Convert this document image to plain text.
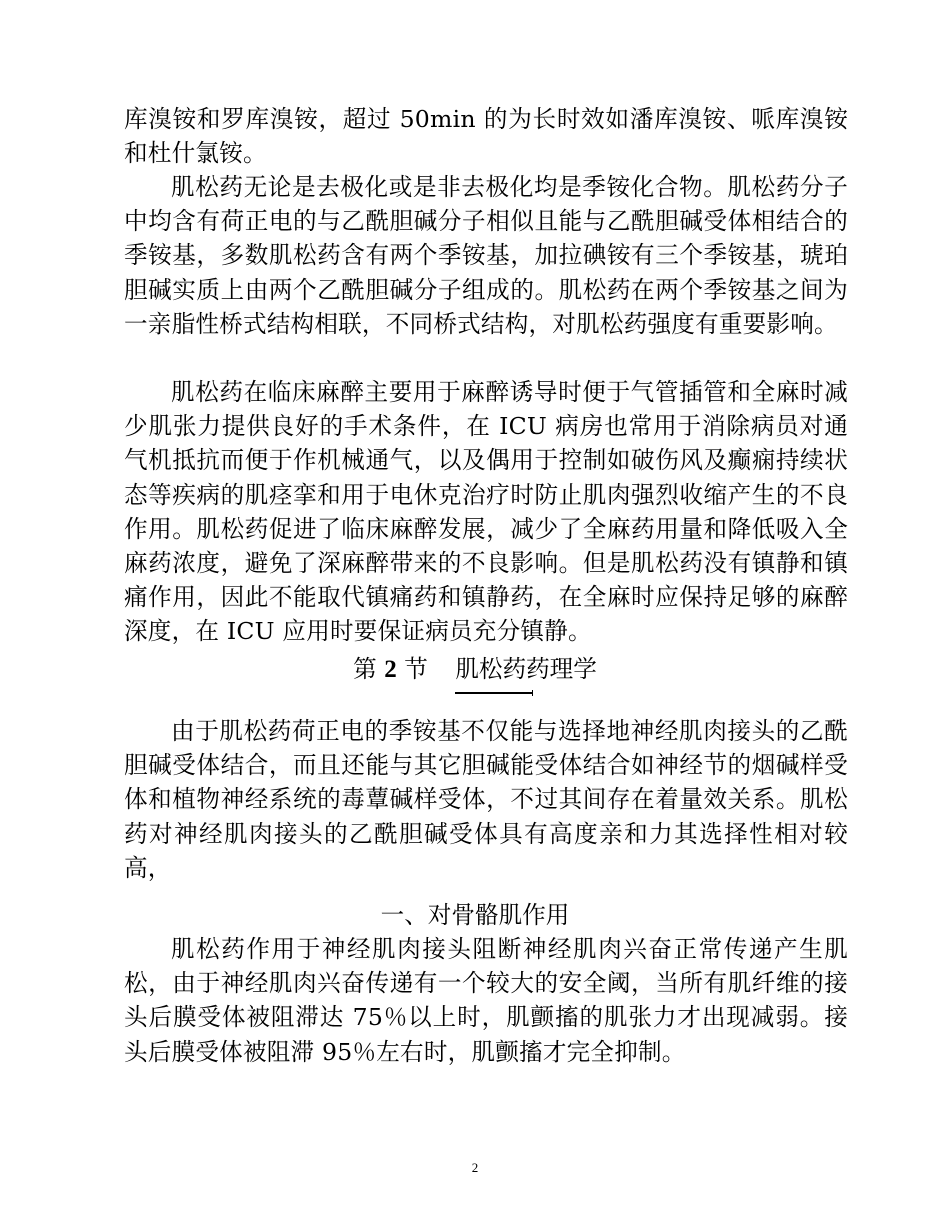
库溴铵和罗库溴铵，超过 50min 的为长时效如潘库溴铵、哌库溴铵和杜什氯铵。

肌松药无论是去极化或是非去极化均是季铵化合物。肌松药分子中均含有荷正电的与乙酰胆碱分子相似且能与乙酰胆碱受体相结合的季铵基，多数肌松药含有两个季铵基，加拉碘铵有三个季铵基，琥珀胆碱实质上由两个乙酰胆碱分子组成的。肌松药在两个季铵基之间为一亲脂性桥式结构相联，不同桥式结构，对肌松药强度有重要影响。

肌松药在临床麻醉主要用于麻醉诱导时便于气管插管和全麻时减少肌张力提供良好的手术条件，在 ICU 病房也常用于消除病员对通气机抵抗而便于作机械通气，以及偶用于控制如破伤风及癫痫持续状态等疾病的肌痉挛和用于电休克治疗时防止肌肉强烈收缩产生的不良作用。肌松药促进了临床麻醉发展，减少了全麻药用量和降低吸入全麻药浓度，避免了深麻醉带来的不良影响。但是肌松药没有镇静和镇痛作用，因此不能取代镇痛药和镇静药，在全麻时应保持足够的麻醉深度，在 ICU 应用时要保证病员充分镇静。

第 2 节 肌松药药理学

由于肌松药荷正电的季铵基不仅能与选择地神经肌肉接头的乙酰胆碱受体结合，而且还能与其它胆碱能受体结合如神经节的烟碱样受体和植物神经系统的毒蕈碱样受体，不过其间存在着量效关系。肌松药对神经肌肉接头的乙酰胆碱受体具有高度亲和力其选择性相对较高，

一、对骨骼肌作用

肌松药作用于神经肌肉接头阻断神经肌肉兴奋正常传递产生肌松，由于神经肌肉兴奋传递有一个较大的安全阈，当所有肌纤维的接头后膜受体被阻滞达 75％以上时，肌颤搐的肌张力才出现减弱。接头后膜受体被阻滞 95％左右时，肌颤搐才完全抑制。

2
